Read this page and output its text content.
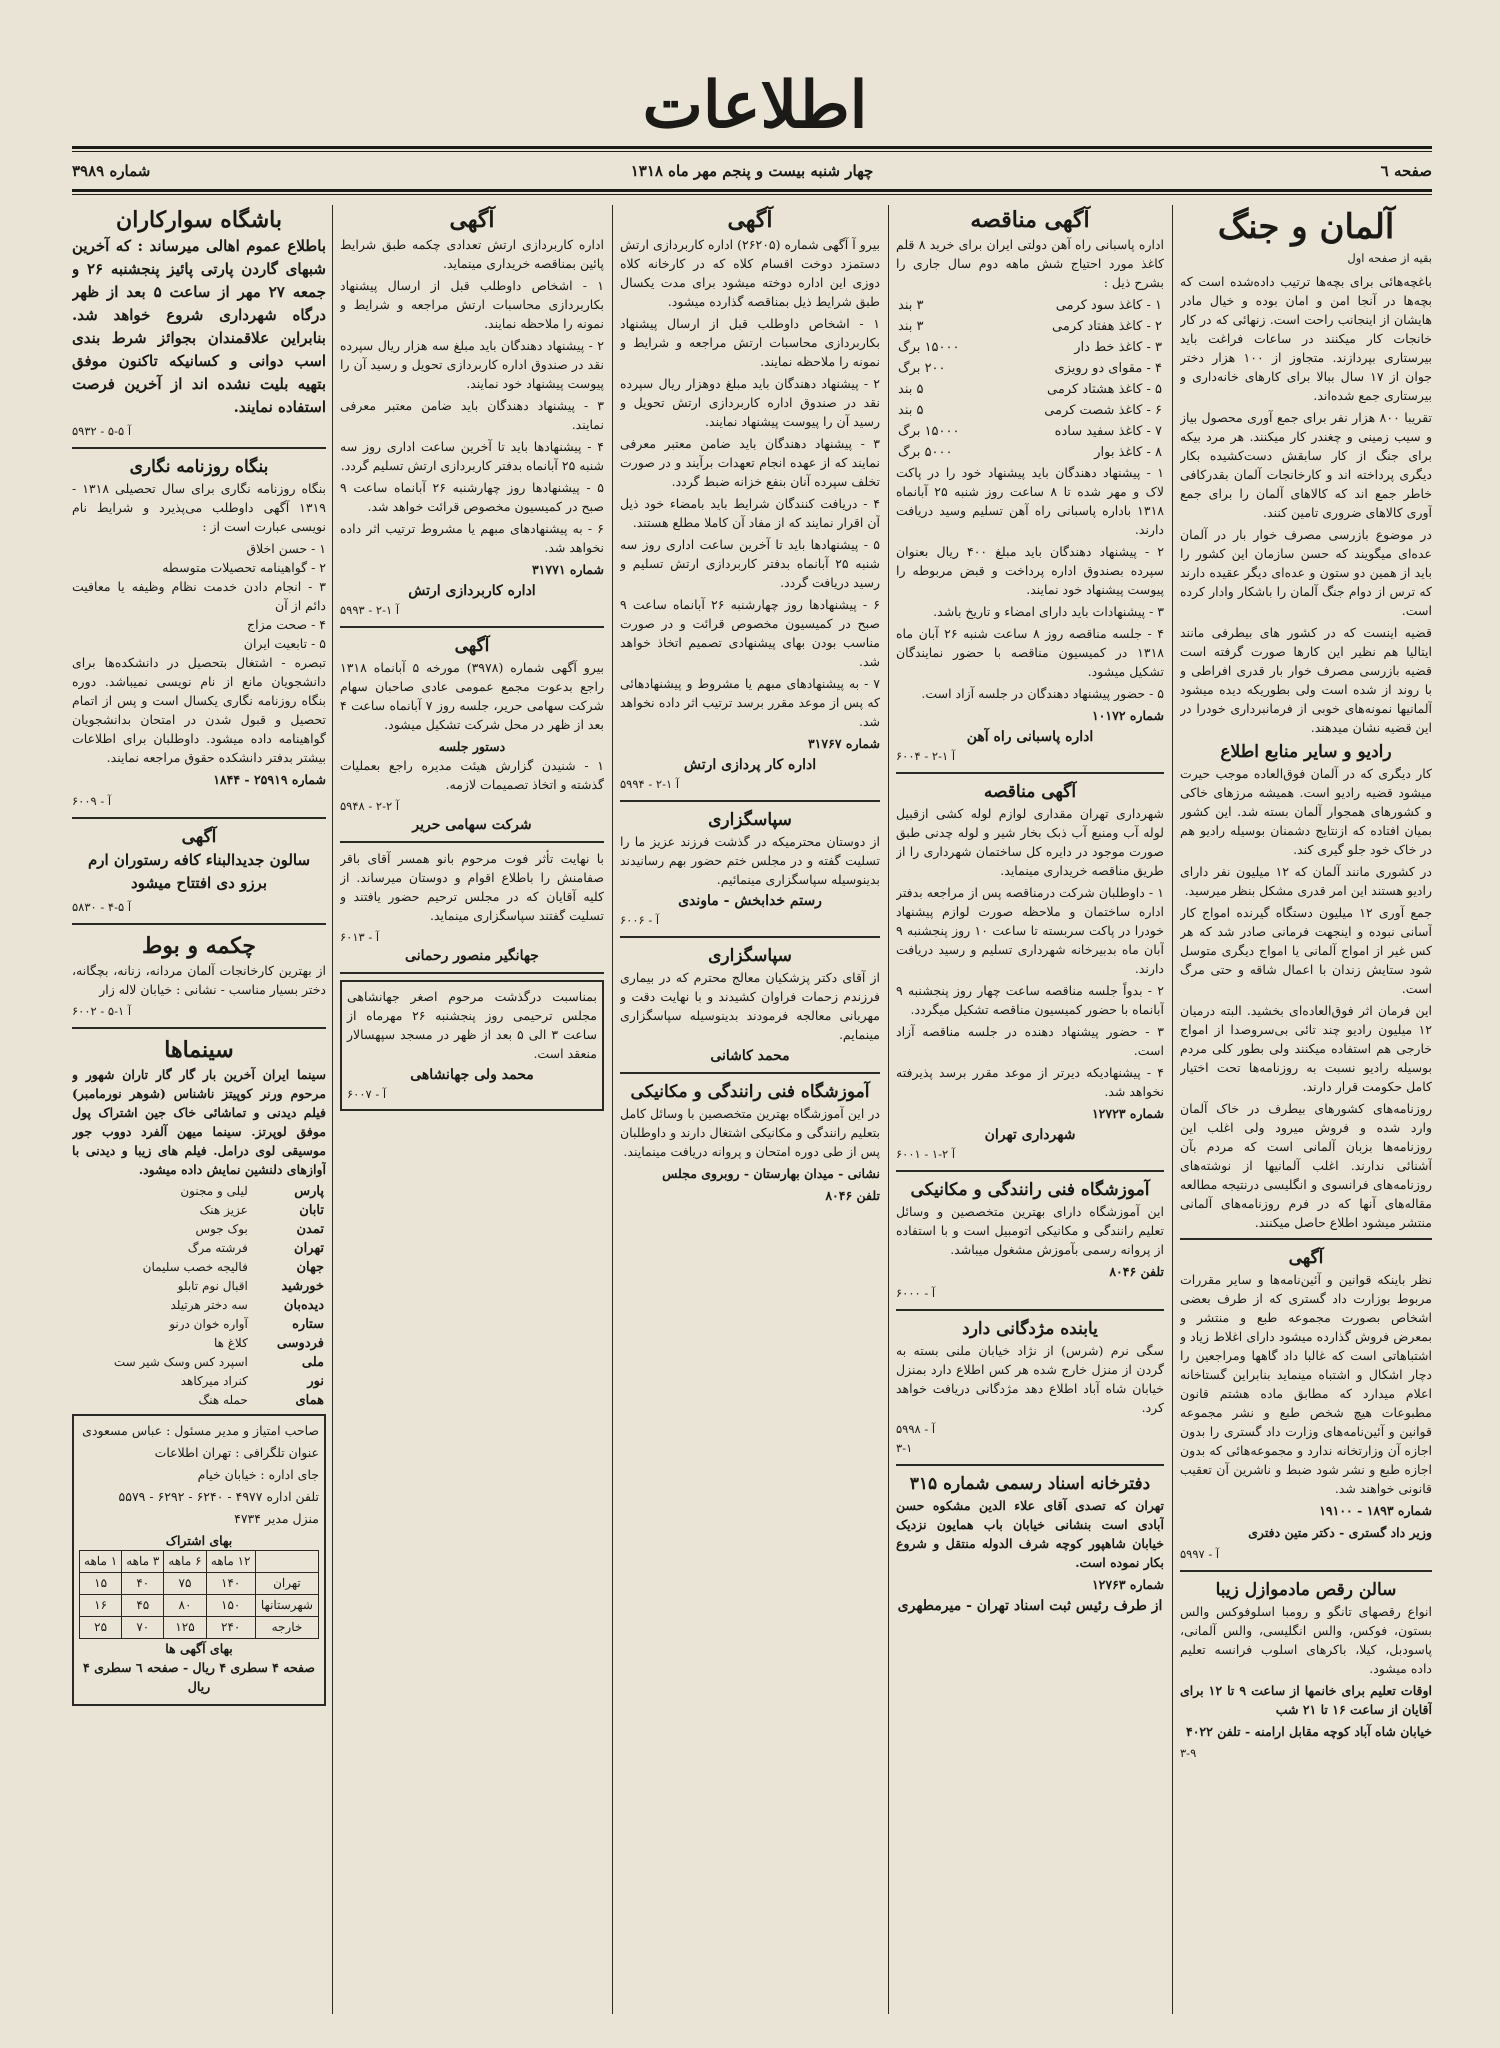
اطلاعات
صفحه ٦
چهار شنبه بیست و پنجم مهر ماه ۱۳۱۸
شماره ۳۹۸۹
آلمان و جنگ
بقیه از صفحه اول

باغچه‌هائی برای بچه‌ها ترتیب داده‌شده است که بچه‌ها در آنجا امن و امان بوده و خیال مادر هایشان از اینجانب راحت است. زنهائی که در کار خانجات کار میکنند در ساعات فراغت باید بیرستاری بپردازند. متجاوز از ۱۰۰ هزار دختر جوان از ۱۷ سال ببالا برای کارهای خانه‌داری و بیرستاری جمع شده‌اند.

تقریبا ۸۰۰ هزار نفر برای جمع آوری محصول بیاز و سیب زمینی و چغندر کار میکنند. هر مرد بیکه برای جنگ از کار سابقش دست‌کشیده بکار دیگری پرداخته اند و کارخانجات آلمان بقدرکافی خاطر جمع اند که کالاهای آلمان را برای جمع آوری کالاهای ضروری تامین کنند.

در موضوع بازرسی مصرف خوار بار در آلمان عده‌ای میگویند که حسن سازمان این کشور را باید از همین دو ستون و عده‌ای دیگر عقیده دارند که ترس از دوام جنگ آلمان را باشکار وادار کرده است.

قضیه اینست که در کشور های بیطرفی مانند ایتالیا هم نظیر این کارها صورت گرفته است قضیه بازرسی مصرف خوار بار قدری افراطی و با روند از شده است ولی بطوریکه دیده میشود آلمانیها نمونه‌های خوبی از فرمانبرداری خودرا در این قضیه نشان میدهند.

رادیو و سایر منابع اطلاع

کار دیگری که در آلمان فوق‌العاده موجب حیرت میشود قضیه رادیو است. همیشه مرزهای خاکی و کشورهای همجوار آلمان بسته شد. این کشور بمیان افتاده که ازنتایج دشمنان بوسیله رادیو هم در خاک خود جلو گیری کند.

در کشوری مانند آلمان که ۱۲ میلیون نفر دارای رادیو هستند این امر قدری مشکل بنظر میرسید.

جمع آوری ۱۲ میلیون دستگاه گیرنده امواج کار آسانی نبوده و اینجهت فرمانی صادر شد که هر کس غیر از امواج آلمانی یا امواج دیگری متوسل شود ستایش زندان با اعمال شاقه و حتی مرگ است.

این فرمان اثر فوق‌العاده‌ای بخشید. البته درمیان ۱۲ میلیون رادیو چند تائی بی‌سروصدا از امواج خارجی هم استفاده میکنند ولی بطور کلی مردم بوسیله رادیو نسبت به روزنامه‌ها تحت اختیار کامل حکومت قرار دارند.

روزنامه‌های کشورهای بیطرف در خاک آلمان وارد شده و فروش میرود ولی اغلب این روزنامه‌ها بزبان آلمانی است که مردم بآن آشنائی ندارند. اغلب آلمانیها از نوشته‌های روزنامه‌های فرانسوی و انگلیسی درنتیجه مطالعه مقاله‌های آنها که در فرم روزنامه‌های آلمانی منتشر میشود اطلاع حاصل میکنند.

آگهی

نظر باینکه قوانین و آئین‌نامه‌ها و سایر مقررات مربوط بوزارت داد گستری که از طرف بعضی اشخاص بصورت مجموعه طبع و منتشر و بمعرض فروش گذارده میشود دارای اغلاط زیاد و اشتباهاتی است که غالبا داد گاهها ومراجعین را دچار اشکال و اشتباه مینماید بنابراین گستاخانه اعلام میدارد که مطابق ماده هشتم قانون مطبوعات هیچ شخص طبع و نشر مجموعه قوانین و آئین‌نامه‌های وزارت داد گستری را بدون اجازه آن وزارتخانه ندارد و مجموعه‌هائی که بدون اجازه طبع و نشر شود ضبط و ناشرین آن تعقیب قانونی خواهند شد.

شماره ۱۸۹۳ - ۱۹۱۰۰

وزیر داد گستری - دکتر متین دفتری

۵۹۹۷ - آ
سالن رقص مادموازل زیبا

انواع رقصهای تانگو و رومبا اسلوفوکس والس بستون، فوکس، والس انگلیسی، والس آلمانی، پاسودبل، کیلا، باکرهای اسلوب فرانسه تعلیم داده میشود.

اوقات تعلیم برای خانمها از ساعت ۹ تا ۱۲ برای آقایان از ساعت ۱۶ تا ۲۱ شب

خیابان شاه آباد کوچه مقابل ارامنه - تلفن ۴۰۲۲

۳-۹
آگهی مناقصه

اداره پاسبانی راه آهن دولتی ایران برای خرید ۸ قلم کاغذ مورد احتیاج شش ماهه دوم سال جاری را بشرح ذیل :

۱ - کاغذ سود کرمی	۳ بند
۲ - کاغذ هفتاد کرمی	۳ بند
۳ - کاغذ خط دار	۱۵۰۰۰ برگ
۴ - مقوای دو رویزی	۲۰۰ برگ
۵ - کاغذ هشتاد کرمی	۵ بند
۶ - کاغذ شصت کرمی	۵ بند
۷ - کاغذ سفید ساده	۱۵۰۰۰ برگ
۸ - کاغذ بوار	۵۰۰۰ برگ

۱ - پیشنهاد دهندگان باید پیشنهاد خود را در پاکت لاک و مهر شده تا ۸ ساعت روز شنبه ۲۵ آبانماه ۱۳۱۸ باداره پاسبانی راه آهن تسلیم وسید دریافت دارند.

۲ - پیشنهاد دهندگان باید مبلغ ۴۰۰ ریال بعنوان سپرده بصندوق اداره پرداخت و قبض مربوطه را پیوست پیشنهاد خود نمایند.

۳ - پیشنهادات باید دارای امضاء و تاریخ باشد.

۴ - جلسه مناقصه روز ۸ ساعت شنبه ۲۶ آبان ماه ۱۳۱۸ در کمیسیون مناقصه با حضور نمایندگان تشکیل میشود.

۵ - حضور پیشنهاد دهندگان در جلسه آزاد است.

شماره ۱۰۱۷۲

اداره پاسبانی راه آهن
۶۰۰۴ - آ ۱-۲
آگهی مناقصه

شهرداری تهران مقداری لوازم لوله کشی ازقبیل لوله آب ومنبع آب ذبک بخار شیر و لوله چدنی طبق صورت موجود در دایره کل ساختمان شهرداری را از طریق مناقصه خریداری مینماید.

۱ - داوطلبان شرکت درمناقصه پس از مراجعه بدفتر اداره ساختمان و ملاحظه صورت لوازم پیشنهاد خودرا در پاکت سربسته تا ساعت ۱۰ روز پنجشنبه ۹ آبان ماه بدبیرخانه شهرداری تسلیم و رسید دریافت دارند.

۲ - بدواً جلسه مناقصه ساعت چهار روز پنجشنبه ۹ آبانماه با حضور کمیسیون مناقصه تشکیل میگردد.

۳ - حضور پیشنهاد دهنده در جلسه مناقصه آزاد است.

۴ - پیشنهادیکه دیرتر از موعد مقرر برسد پذیرفته نخواهد شد.

شماره ۱۲۷۲۳

شهرداری تهران
۶۰۰۱ - آ ۲-۱
آموزشگاه فنی رانندگی و مکانیکی

این آموزشگاه دارای بهترین متخصصین و وسائل تعلیم رانندگی و مکانیکی اتومبیل است و با استفاده از پروانه رسمی بآموزش مشغول میباشد.

تلفن ۸۰۴۶

۶۰۰۰ - آ
یابنده مژدگانی دارد

سگی نرم (شرس) از نژاد خیابان ملنی بسته به گردن از منزل خارج شده هر کس اطلاع دارد بمنزل خیابان شاه آباد اطلاع دهد مژدگانی دریافت خواهد کرد.

۵۹۹۸ - آ
۳-۱
دفترخانه اسناد رسمی شماره ۳۱۵

تهران که تصدی آقای علاء الدین مشکوه حسن آبادی است بنشانی خیابان باب همایون نزدیک خیابان شاهپور کوچه شرف الدوله منتقل و شروع بکار نموده است.

شماره ۱۲۷۶۳

از طرف رئیس ثبت اسناد تهران - میرمطهری
آگهی

بیرو آ آگهی شماره (۲۶۲۰۵) اداره کاربردازی ارتش دستمزد دوخت اقسام کلاه که در کارخانه کلاه دوزی این اداره دوخته میشود برای مدت یکسال طبق شرایط ذیل بمناقصه گذارده میشود.

۱ - اشخاص داوطلب قبل از ارسال پیشنهاد بکاربردازی محاسبات ارتش مراجعه و شرایط و نمونه را ملاحظه نمایند.

۲ - پیشنهاد دهندگان باید مبلغ دوهزار ریال سپرده نقد در صندوق اداره کاربردازی ارتش تحویل و رسید آن را پیوست پیشنهاد نمایند.

۳ - پیشنهاد دهندگان باید ضامن معتبر معرفی نمایند که از عهده انجام تعهدات برآیند و در صورت تخلف سپرده آنان بنفع خزانه ضبط گردد.

۴ - دریافت کنندگان شرایط باید بامضاء خود ذیل آن اقرار نمایند که از مفاد آن کاملا مطلع هستند.

۵ - پیشنهادها باید تا آخرین ساعت اداری روز سه شنبه ۲۵ آبانماه بدفتر کاربردازی ارتش تسلیم و رسید دریافت گردد.

۶ - پیشنهادها روز چهارشنبه ۲۶ آبانماه ساعت ۹ صبح در کمیسیون مخصوص قرائت و در صورت مناسب بودن بهای پیشنهادی تصمیم اتخاذ خواهد شد.

۷ - به پیشنهادهای مبهم یا مشروط و پیشنهادهائی که پس از موعد مقرر برسد ترتیب اثر داده نخواهد شد.

شماره ۳۱۷۶۷

اداره کار پردازی ارتش
۵۹۹۴ - آ ۱-۲
سپاسگزاری

از دوستان محترمیکه در گذشت فرزند عزیز ما را تسلیت گفته و در مجلس ختم حضور بهم رسانیدند بدینوسیله سپاسگزاری مینمائیم.

رستم خدابخش - ماوندی
۶۰۰۶ - آ
سپاسگزاری

از آقای دکتر پزشکیان معالج محترم که در بیماری فرزندم زحمات فراوان کشیدند و با نهایت دقت و مهربانی معالجه فرمودند بدینوسیله سپاسگزاری مینمایم.

محمد کاشانی
آموزشگاه فنی رانندگی و مکانیکی

در این آموزشگاه بهترین متخصصین با وسائل کامل بتعلیم رانندگی و مکانیکی اشتغال دارند و داوطلبان پس از طی دوره امتحان و پروانه دریافت مینمایند.

نشانی - میدان بهارستان - روبروی مجلس

تلفن ۸۰۴۶

آگهی

اداره کاربردازی ارتش تعدادی چکمه طبق شرایط پائین بمناقصه خریداری مینماید.

۱ - اشخاص داوطلب قبل از ارسال پیشنهاد بکاربردازی محاسبات ارتش مراجعه و شرایط و نمونه را ملاحظه نمایند.

۲ - پیشنهاد دهندگان باید مبلغ سه هزار ریال سپرده نقد در صندوق اداره کاربردازی تحویل و رسید آن را پیوست پیشنهاد خود نمایند.

۳ - پیشنهاد دهندگان باید ضامن معتبر معرفی نمایند.

۴ - پیشنهادها باید تا آخرین ساعت اداری روز سه شنبه ۲۵ آبانماه بدفتر کاربردازی ارتش تسلیم گردد.

۵ - پیشنهادها روز چهارشنبه ۲۶ آبانماه ساعت ۹ صبح در کمیسیون مخصوص قرائت خواهد شد.

۶ - به پیشنهادهای مبهم یا مشروط ترتیب اثر داده نخواهد شد.

شماره ۳۱۷۷۱

اداره کاربردازی ارتش
۵۹۹۳ - آ ۱-۲
آگهی

بیرو آگهی شماره (۳۹۷۸) مورخه ۵ آبانماه ۱۳۱۸ راجع بدعوت مجمع عمومی عادی صاحبان سهام شرکت سهامی حریر، جلسه روز ۷ آبانماه ساعت ۴ بعد از ظهر در محل شرکت تشکیل میشود.

دستور جلسه

۱ - شنیدن گزارش هیئت مدیره راجع بعملیات گذشته و اتخاذ تصمیمات لازمه.

۵۹۴۸ - آ ۲-۲
شرکت سهامی حریر

با نهایت تأثر فوت مرحوم بانو همسر آقای باقر صفامنش را باطلاع اقوام و دوستان میرساند. از کلیه آقایان که در مجلس ترحیم حضور یافتند و تسلیت گفتند سپاسگزاری مینماید.

۶۰۱۳ - آ
جهانگیر منصور رحمانی

بمناسبت درگذشت مرحوم اصغر جهانشاهی مجلس ترحیمی روز پنجشنبه ۲۶ مهرماه از ساعت ۳ الی ۵ بعد از ظهر در مسجد سپهسالار منعقد است.

محمد ولی جهانشاهی
۶۰۰۷ - آ
باشگاه سوارکاران

باطلاع عموم اهالی میرساند : که آخرین شبهای گاردن پارتی پائیز پنجشنبه ۲۶ و جمعه ۲۷ مهر از ساعت ۵ بعد از ظهر درگاه شهرداری شروع خواهد شد. بنابراین علاقمندان بجوائز شرط بندی اسب دوانی و کسانیکه تاکنون موفق بتهیه بلیت نشده اند از آخرین فرصت استفاده نمایند.

۵۹۳۲ - آ ۵-۵
بنگاه روزنامه نگاری

بنگاه روزنامه نگاری برای سال تحصیلی ۱۳۱۸ - ۱۳۱۹ آگهی داوطلب می‌پذیرد و شرایط نام نویسی عبارت است از :

۱ - حسن اخلاق

۲ - گواهینامه تحصیلات متوسطه

۳ - انجام دادن خدمت نظام وظیفه یا معافیت دائم از آن

۴ - صحت مزاج

۵ - تابعیت ایران

تبصره - اشتغال بتحصیل در دانشکده‌ها برای دانشجویان مانع از نام نویسی نمیباشد. دوره بنگاه روزنامه نگاری یکسال است و پس از اتمام تحصیل و قبول شدن در امتحان بدانشجویان گواهینامه داده میشود. داوطلبان برای اطلاعات بیشتر بدفتر دانشکده حقوق مراجعه نمایند.

شماره ۲۵۹۱۹ - ۱۸۴۴

۶۰۰۹ - آ
آگهی

سالون جدیدالبناء کافه رستوران ارم برزو دی افتتاح میشود

۵۸۳۰ - آ ۵-۴
چکمه و بوط

از بهترین کارخانجات آلمان مردانه، زنانه، بچگانه، دختر بسیار مناسب - نشانی : خیابان لاله زار

۶۰۰۲ - آ ۱-۵
سینماها

سینما ایران آخرین بار گار گار تاران شهور و مرحوم ورنر کوپیتز ناشناس (شوهر نورمامبر) فیلم دیدنی و تماشائی خاک جین اشتراک پول موفق لوپرتز. سینما میهن آلفرد دووب جور موسیقی لوی درامل. فیلم های زیبا و دیدنی با آوازهای دلنشین نمایش داده میشود.

پارس	لیلی و مجنون
تابان	عزیز هنک
تمدن	بوک جوس
تهران	فرشته مرگ
جهان	فالیجه خصب سلیمان
خورشید	اقبال نوم تابلو
دیده‌بان	سه دختر هرتیلد
ستاره	آواره خوان درنو
فردوسی	کلاغ ها
ملی	اسپرد کس وسک شیر ست
نور	کنراد میرکاهد
همای	حمله هنگ

صاحب امتیاز و مدیر مسئول : عباس مسعودی

عنوان تلگرافی : تهران اطلاعات

جای اداره : خیابان خیام

تلفن اداره ۴۹۷۷ - ۶۲۴۰ - ۶۲۹۲ - ۵۵۷۹

منزل مدیر ۴۷۳۴

بهای اشتراک
	۱۲ ماهه	۶ ماهه	۳ ماهه	۱ ماهه
تهران	۱۴۰	۷۵	۴۰	۱۵
شهرستانها	۱۵۰	۸۰	۴۵	۱۶
خارجه	۲۴۰	۱۲۵	۷۰	۲۵
بهای آگهی ها

صفحه ۴ سطری ۴ ریال - صفحه ٦ سطری ۴ ریال
